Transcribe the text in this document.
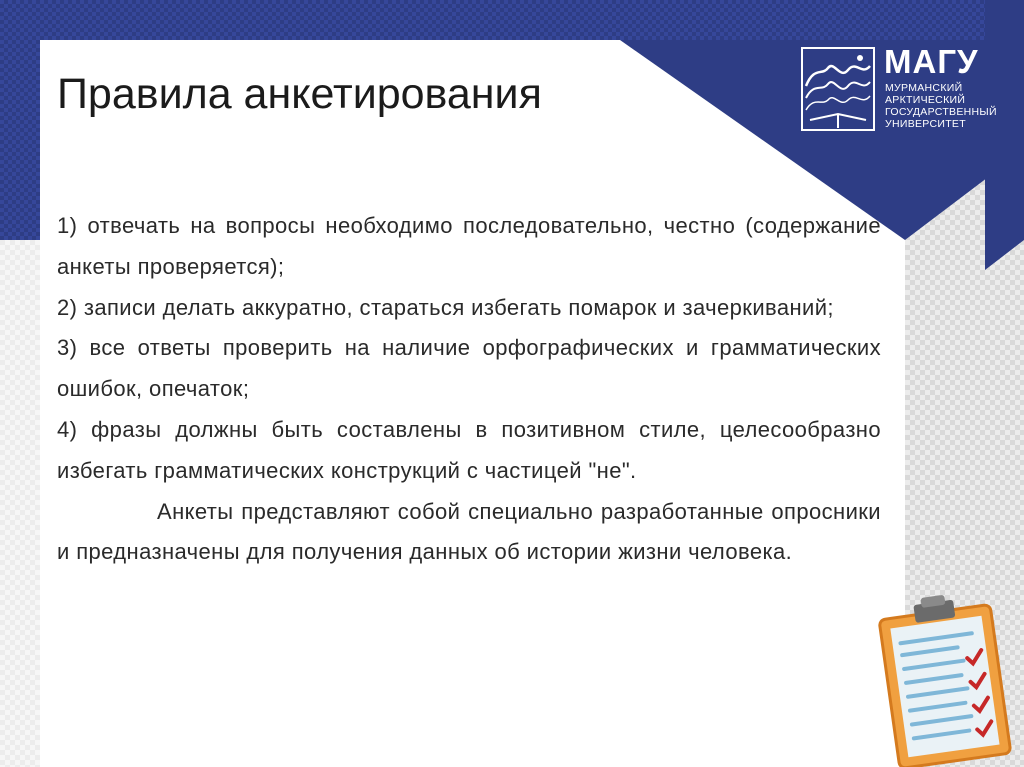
МАГУ
МУРМАНСКИЙ
АРКТИЧЕСКИЙ
ГОСУДАРСТВЕННЫЙ
УНИВЕРСИТЕТ
Правила анкетирования

1) отвечать на вопросы необходимо последовательно, честно (содержание анкеты проверяется);

2) записи делать аккуратно, стараться избегать помарок и зачеркиваний;

3) все ответы проверить на наличие орфографических и грамматических ошибок, опечаток;

4) фразы должны быть составлены в позитивном стиле, целесообразно избегать грамматических конструкций с частицей "не".

Анкеты представляют собой специально разработанные опросники и предназначены для получения данных об истории жизни человека.
